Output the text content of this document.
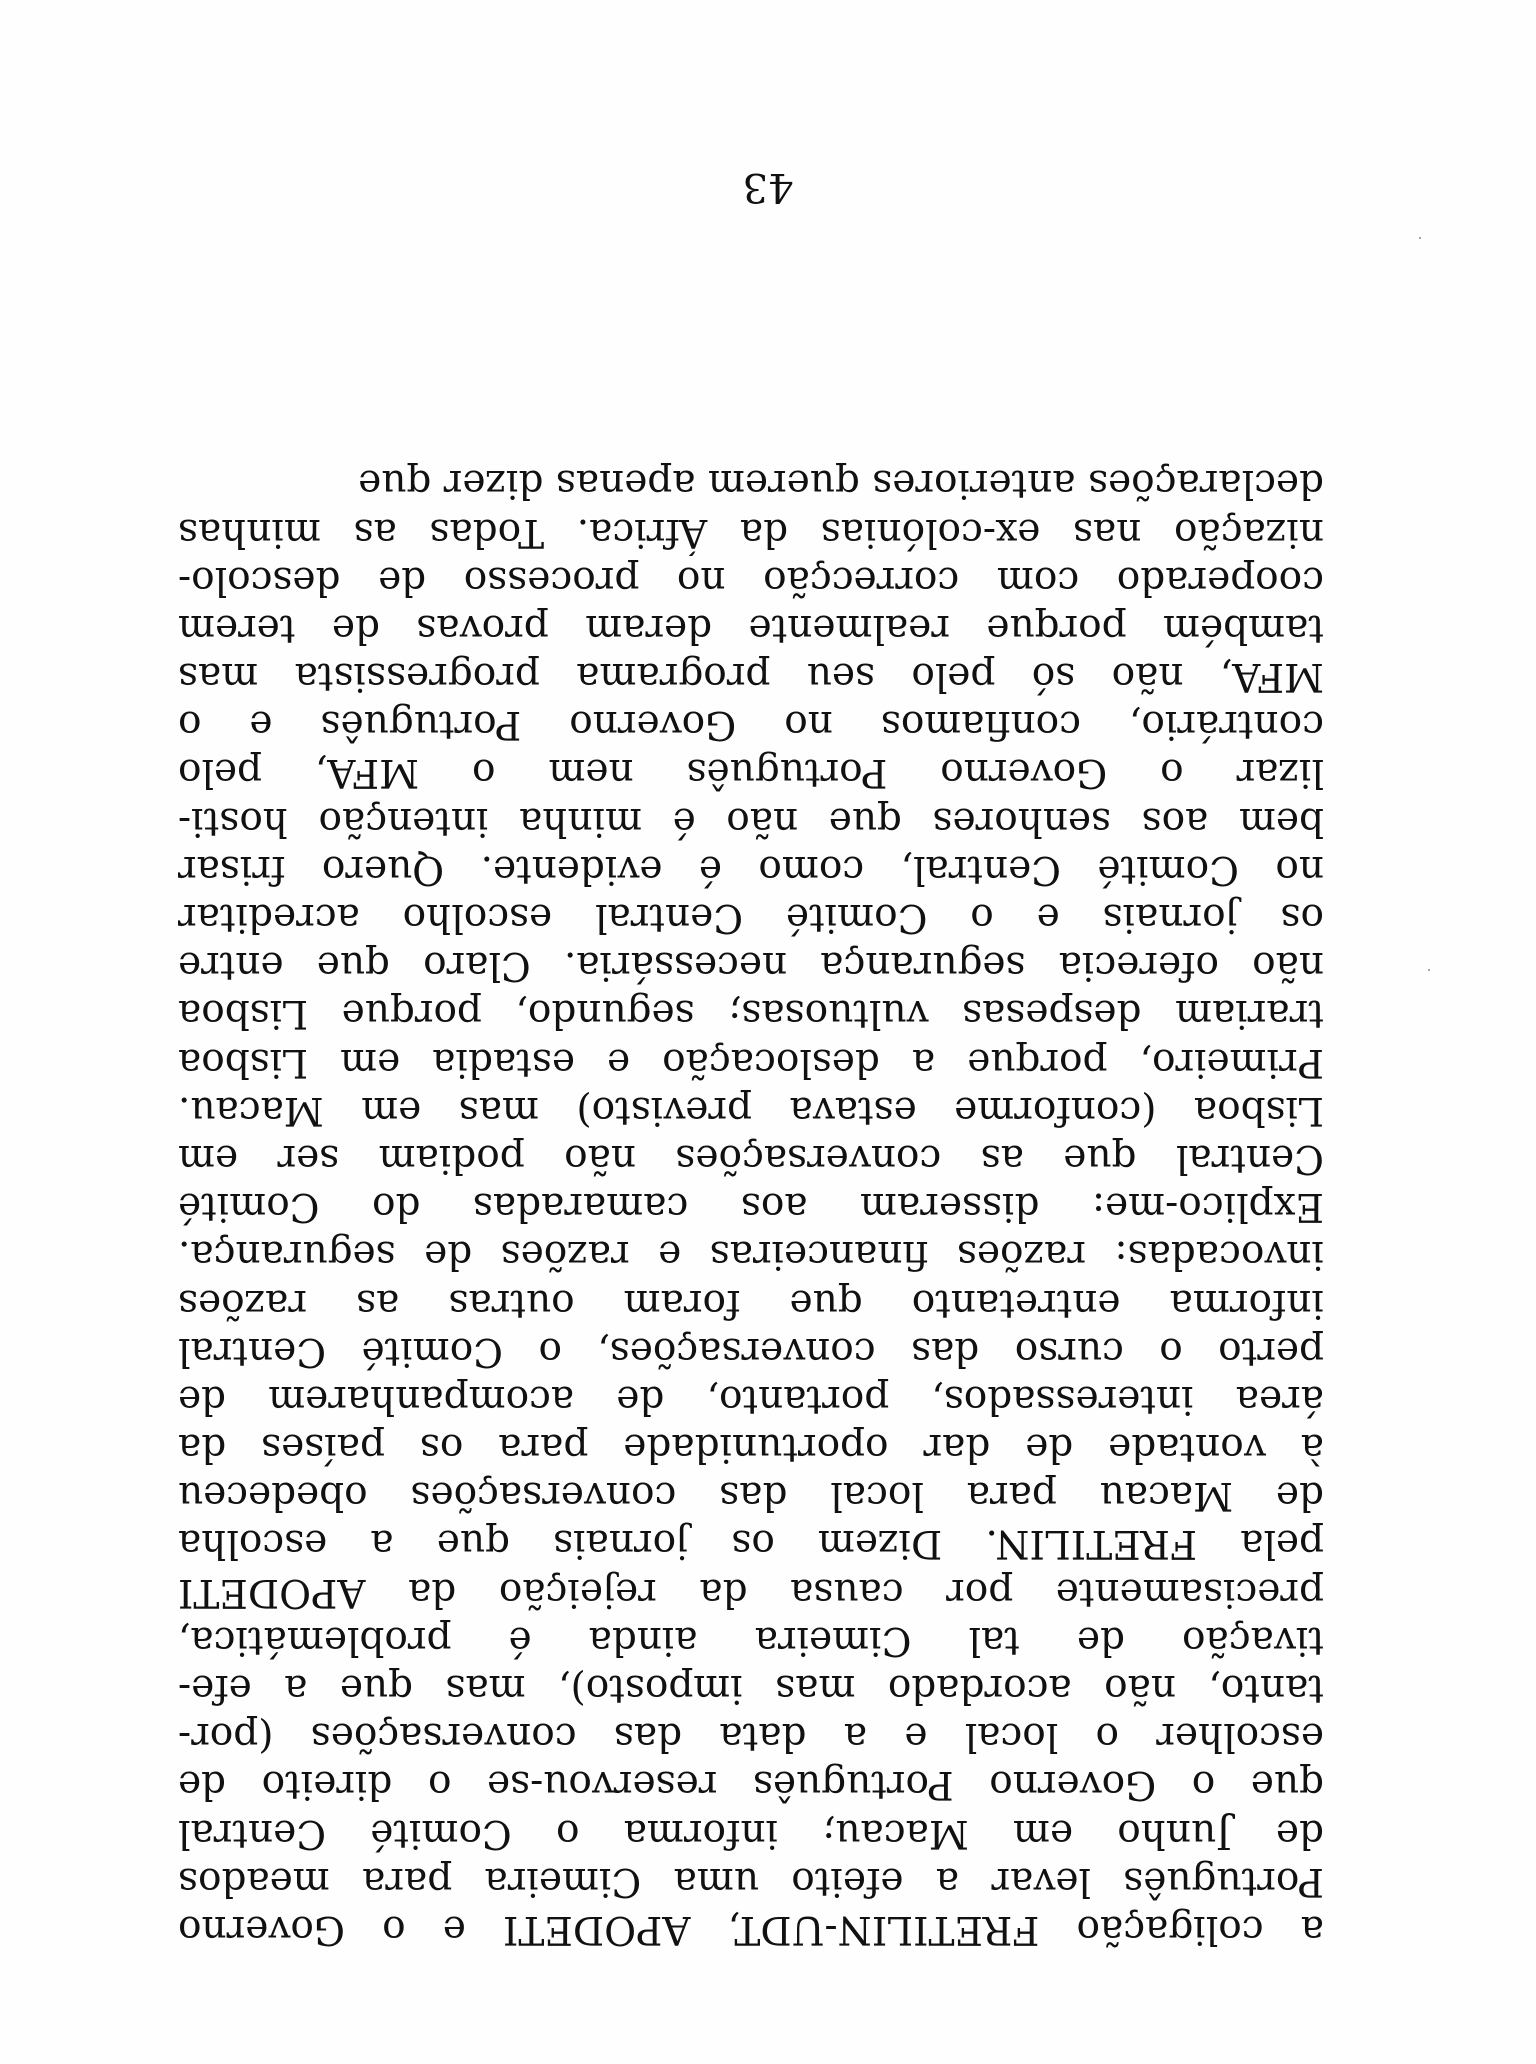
a coligação FRETILIN-UDT, APODETI e o Governo
Português levar a efeito uma Cimeira para meados
de Junho em Macau; informa o Comité Central
que o Governo Português reservou-se o direito de
escolher o local e a data das conversações (por-
tanto, não acordado mas imposto), mas que a efe-
tivação de tal Cimeira ainda é problemática,
precisamente por causa da rejeição da APODETI
pela FRETILIN. Dizem os jornais que a escolha
de Macau para local das conversações obedeceu
à vontade de dar oportunidade para os países da
área interessados, portanto, de acompanharem de
perto o curso das conversações, o Comité Central
informa entretanto que foram outras as razões
invocadas: razões financeiras e razões de segurança.
Explico-me: disseram aos camaradas do Comité
Central que as conversações não podiam ser em
Lisboa (conforme estava previsto) mas em Macau.
Primeiro, porque a deslocação e estadia em Lisboa
trariam despesas vultuosas; segundo, porque Lisboa
não oferecia segurança necessária. Claro que entre
os jornais e o Comité Central escolho acreditar
no Comité Central, como é evidente. Quero frisar
bem aos senhores que não é minha intenção hosti-
lizar o Governo Português nem o MFA, pelo
contrário, confiamos no Governo Português e o
MFA, não só pelo seu programa progressista mas
também porque realmente deram provas de terem
cooperado com correcção no processo de descolo-
nização nas ex-colónias da África. Todas as minhas
declarações anteriores querem apenas dizer que
43
